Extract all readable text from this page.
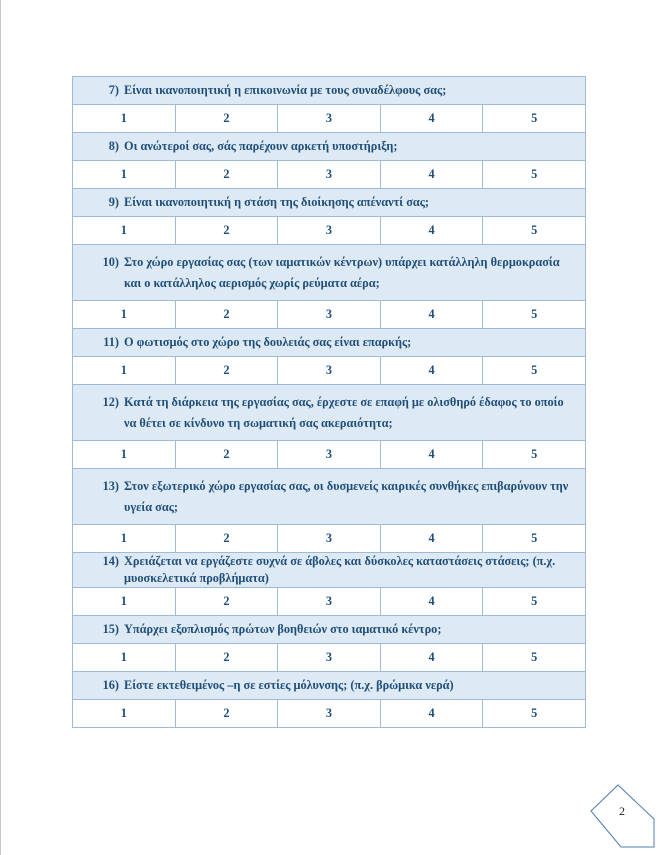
7) Είναι ικανοποιητική η επικοινωνία με τους συναδέλφους σας;				

1	2	3	4	5

8) Οι ανώτεροί σας, σάς παρέχουν αρκετή υποστήριξη;				

1	2	3	4	5

9) Είναι ικανοποιητική η στάση της διοίκησης απέναντί σας;				

1	2	3	4	5

10) Στο χώρο εργασίας σας (των ιαματικών κέντρων) υπάρχει κατάλληλη θερμοκρασία και ο κατάλληλος αερισμός χωρίς ρεύματα αέρα;				

1	2	3	4	5

11) Ο φωτισμός στο χώρο της δουλειάς σας είναι επαρκής;				

1	2	3	4	5

12) Κατά τη διάρκεια της εργασίας σας, έρχεστε σε επαφή με ολισθηρό έδαφος το οποίο να θέτει σε κίνδυνο τη σωματική σας ακεραιότητα;				

1	2	3	4	5

13) Στον εξωτερικό χώρο εργασίας σας, οι δυσμενείς καιρικές συνθήκες επιβαρύνουν την υγεία σας;				

1	2	3	4	5

14) Χρειάζεται να εργάζεστε συχνά σε άβολες και δύσκολες καταστάσεις στάσεις; (π.χ. μυοσκελετικά προβλήματα)				

1	2	3	4	5

15) Υπάρχει εξοπλισμός πρώτων βοηθειών στο ιαματικό κέντρο;				

1	2	3	4	5

16) Είστε εκτεθειμένος –η σε εστίες μόλυνσης; (π.χ. βρώμικα νερά)				

1	2	3	4	5
2
